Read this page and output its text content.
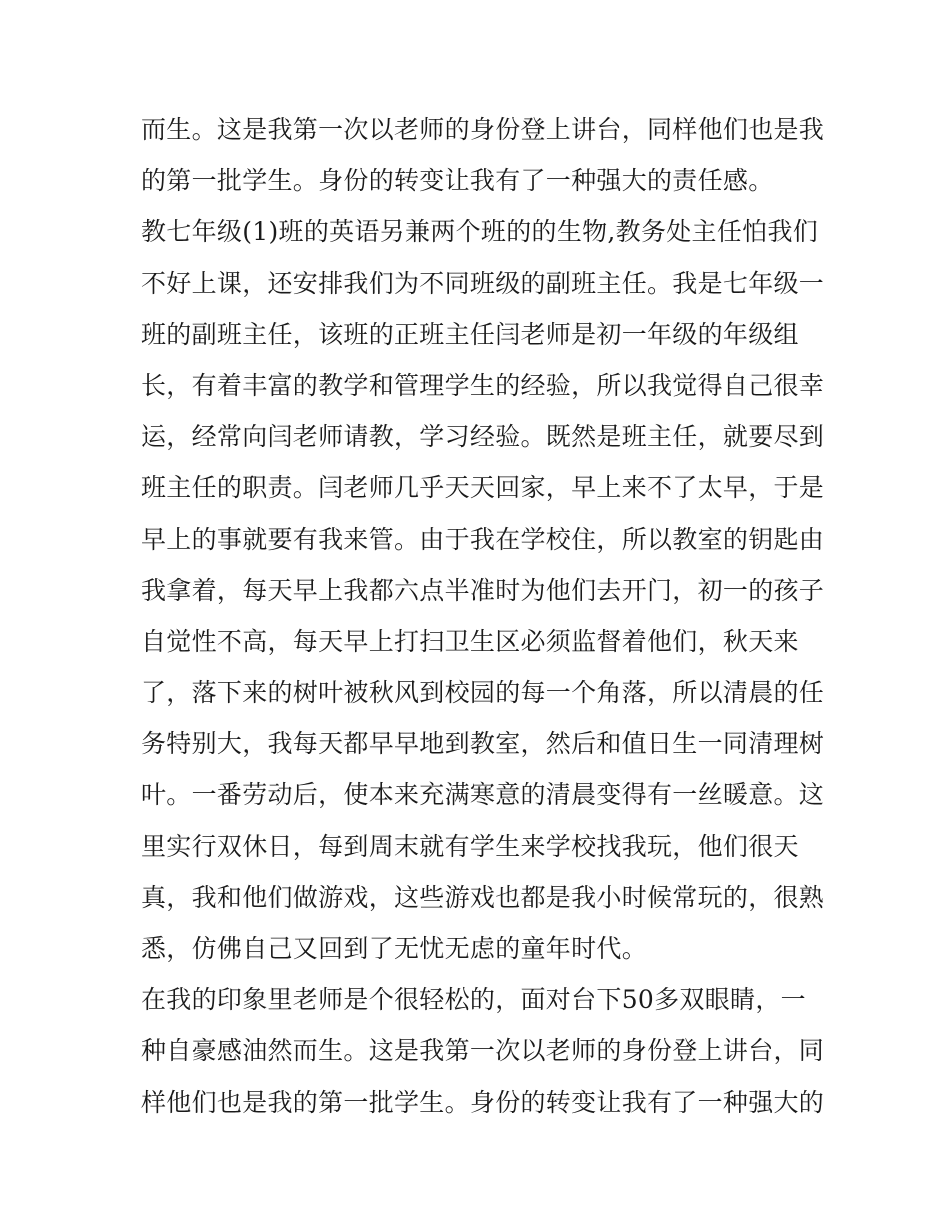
而生。这是我第一次以老师的身份登上讲台，同样他们也是我
的第一批学生。身份的转变让我有了一种强大的责任感。
教七年级(1)班的英语另兼两个班的的生物,教务处主任怕我们
不好上课，还安排我们为不同班级的副班主任。我是七年级一
班的副班主任，该班的正班主任闫老师是初一年级的年级组
长，有着丰富的教学和管理学生的经验，所以我觉得自己很幸
运，经常向闫老师请教，学习经验。既然是班主任，就要尽到
班主任的职责。闫老师几乎天天回家，早上来不了太早，于是
早上的事就要有我来管。由于我在学校住，所以教室的钥匙由
我拿着，每天早上我都六点半准时为他们去开门，初一的孩子
自觉性不高，每天早上打扫卫生区必须监督着他们，秋天来
了，落下来的树叶被秋风到校园的每一个角落，所以清晨的任
务特别大，我每天都早早地到教室，然后和值日生一同清理树
叶。一番劳动后，使本来充满寒意的清晨变得有一丝暖意。这
里实行双休日，每到周末就有学生来学校找我玩，他们很天
真，我和他们做游戏，这些游戏也都是我小时候常玩的，很熟
悉，仿佛自己又回到了无忧无虑的童年时代。
在我的印象里老师是个很轻松的，面对台下50多双眼睛，一
种自豪感油然而生。这是我第一次以老师的身份登上讲台，同
样他们也是我的第一批学生。身份的转变让我有了一种强大的
